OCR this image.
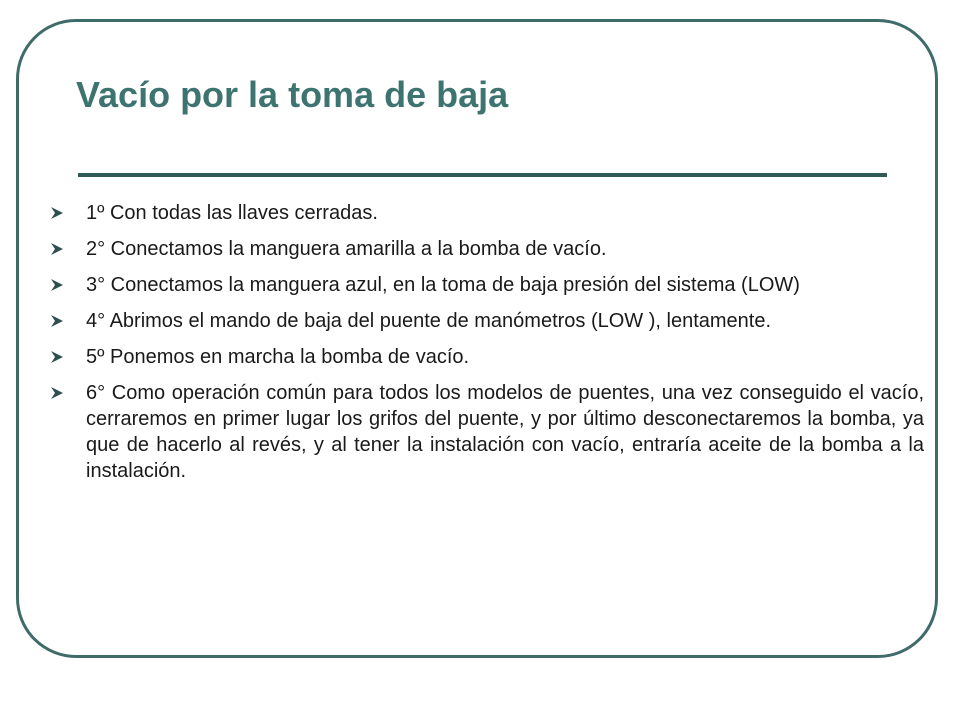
Vacío por la toma de baja
1º Con todas las llaves cerradas.
2° Conectamos la manguera amarilla a la bomba de vacío.
3° Conectamos la manguera azul, en la toma de baja presión del sistema (LOW)
4° Abrimos el mando de baja del puente de manómetros (LOW ), lentamente.
5º Ponemos en marcha la bomba de vacío.
6° Como operación común para todos los modelos de puentes, una vez conseguido el vacío, cerraremos en primer lugar los grifos del puente, y por último desconectaremos la bomba, ya que de hacerlo al revés, y al tener la instalación con vacío, entraría aceite de la bomba a la instalación.
